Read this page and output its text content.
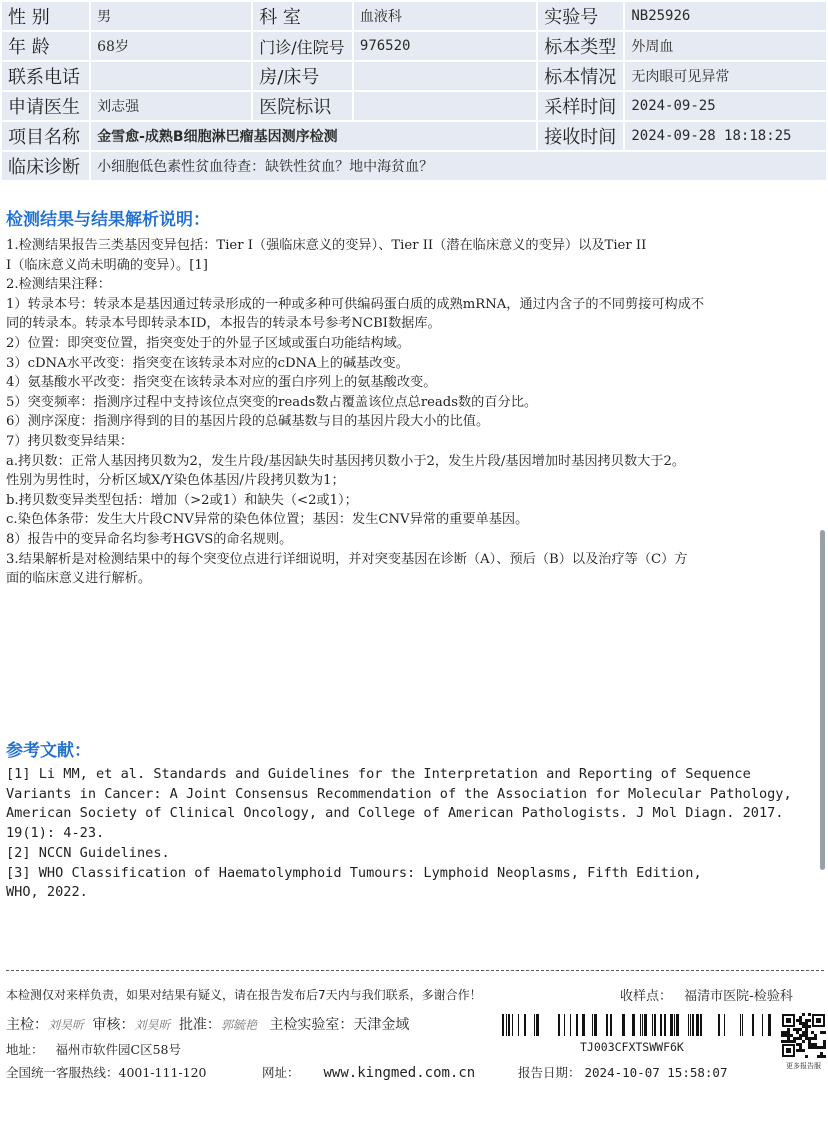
性 别	男	科 室	血液科	实验号	NB25926
年 龄	68岁	门诊/住院号	976520	标本类型	外周血
联系电话		房/床号		标本情况	无肉眼可见异常
申请医生	刘志强	医院标识		采样时间	2024-09-25
项目名称	金雪愈-成熟B细胞淋巴瘤基因测序检测			接收时间	2024-09-28 18:18:25
临床诊断	小细胞低色素性贫血待查：缺铁性贫血？地中海贫血？				
检测结果与结果解析说明：
1.检测结果报告三类基因变异包括：Tier I（强临床意义的变异）、Tier II（潜在临床意义的变异）以及Tier II
I（临床意义尚未明确的变异）。[1]
2.检测结果注释：
1）转录本号：转录本是基因通过转录形成的一种或多种可供编码蛋白质的成熟mRNA，通过内含子的不同剪接可构成不
同的转录本。转录本号即转录本ID，本报告的转录本号参考NCBI数据库。
2）位置：即突变位置，指突变处于的外显子区域或蛋白功能结构域。
3）cDNA水平改变：指突变在该转录本对应的cDNA上的碱基改变。
4）氨基酸水平改变：指突变在该转录本对应的蛋白序列上的氨基酸改变。
5）突变频率：指测序过程中支持该位点突变的reads数占覆盖该位点总reads数的百分比。
6）测序深度：指测序得到的目的基因片段的总碱基数与目的基因片段大小的比值。
7）拷贝数变异结果：
a.拷贝数：正常人基因拷贝数为2，发生片段/基因缺失时基因拷贝数小于2，发生片段/基因增加时基因拷贝数大于2。
性别为男性时，分析区域X/Y染色体基因/片段拷贝数为1；
b.拷贝数变异类型包括：增加（>2或1）和缺失（<2或1）；
c.染色体条带：发生大片段CNV异常的染色体位置；基因：发生CNV异常的重要单基因。
8）报告中的变异命名均参考HGVS的命名规则。
3.结果解析是对检测结果中的每个突变位点进行详细说明，并对突变基因在诊断（A）、预后（B）以及治疗等（C）方
面的临床意义进行解析。
参考文献：
[1] Li MM, et al. Standards and Guidelines for the Interpretation and Reporting of Sequence
Variants in Cancer: A Joint Consensus Recommendation of the Association for Molecular Pathology,
American Society of Clinical Oncology, and College of American Pathologists. J Mol Diagn. 2017.
19(1): 4-23.
[2] NCCN Guidelines.
[3] WHO Classification of Haematolymphoid Tumours: Lymphoid Neoplasms, Fifth Edition,
WHO, 2022.
本检测仅对来样负责，如果对结果有疑义，请在报告发布后7天内与我们联系，多谢合作！	收样点： 福清市医院-检验科
主检：刘昊昕 审核：刘昊昕 批准：郭毓艳 主检实验室：天津金域
地址： 福州市软件园C区58号	TJ003CFXTSWWF6K
全国统一客服热线：4001-111-120	网址： www.kingmed.com.cn	报告日期： 2024-10-07 15:58:07	更多报告服
